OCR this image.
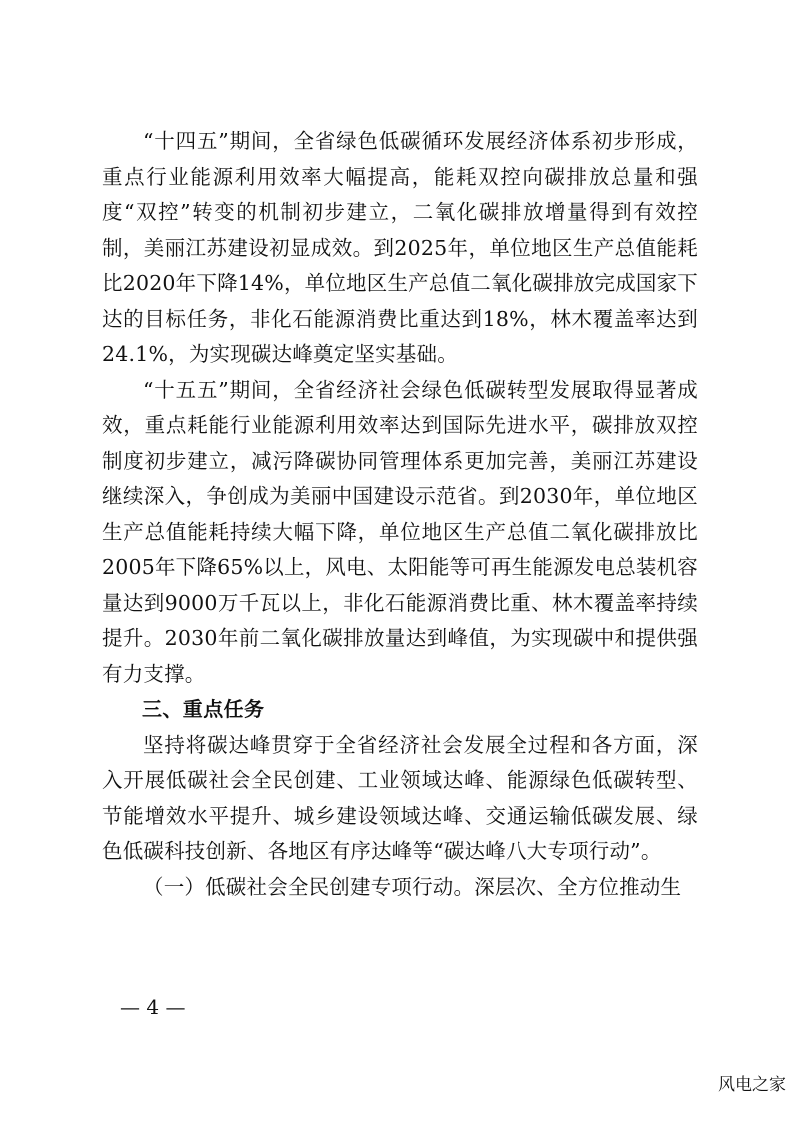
“十四五”期间，全省绿色低碳循环发展经济体系初步形成，重点行业能源利用效率大幅提高，能耗双控向碳排放总量和强度“双控”转变的机制初步建立，二氧化碳排放增量得到有效控制，美丽江苏建设初显成效。到2025年，单位地区生产总值能耗比2020年下降14%，单位地区生产总值二氧化碳排放完成国家下达的目标任务，非化石能源消费比重达到18%，林木覆盖率达到24.1%，为实现碳达峰奠定坚实基础。

“十五五”期间，全省经济社会绿色低碳转型发展取得显著成效，重点耗能行业能源利用效率达到国际先进水平，碳排放双控制度初步建立，减污降碳协同管理体系更加完善，美丽江苏建设继续深入，争创成为美丽中国建设示范省。到2030年，单位地区生产总值能耗持续大幅下降，单位地区生产总值二氧化碳排放比2005年下降65%以上，风电、太阳能等可再生能源发电总装机容量达到9000万千瓦以上，非化石能源消费比重、林木覆盖率持续提升。2030年前二氧化碳排放量达到峰值，为实现碳中和提供强有力支撑。

三、重点任务

坚持将碳达峰贯穿于全省经济社会发展全过程和各方面，深入开展低碳社会全民创建、工业领域达峰、能源绿色低碳转型、节能增效水平提升、城乡建设领域达峰、交通运输低碳发展、绿色低碳科技创新、各地区有序达峰等“碳达峰八大专项行动”。

（一）低碳社会全民创建专项行动。深层次、全方位推动生

— 4 —
风电之家
